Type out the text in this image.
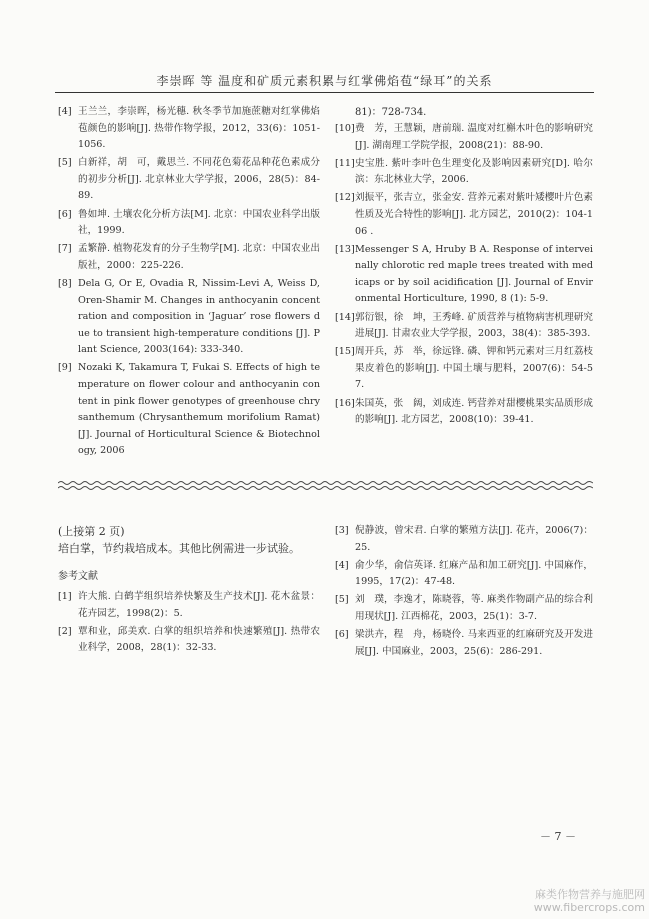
李崇晖 等 温度和矿质元素积累与红掌佛焰苞“绿耳”的关系
[4] 王兰兰，李崇晖，杨光穗. 秋冬季节加施蔗糖对红掌佛焰苞颜色的影响[J]. 热带作物学报，2012，33(6)：1051-1056.
[5] 白新祥，胡　可，戴思兰. 不同花色菊花品种花色素成分的初步分析[J]. 北京林业大学学报，2006，28(5)：84-89.
[6] 鲁如坤. 土壤农化分析方法[M]. 北京：中国农业科学出版社，1999.
[7] 孟繁静. 植物花发育的分子生物学[M]. 北京：中国农业出版社，2000：225-226.
[8] Dela G, Or E, Ovadia R, Nissim-Levi A, Weiss D, Oren-Shamir M. Changes in anthocyanin concentration and composition in ‘Jaguar’ rose flowers due to transient high-temperature conditions [J]. Plant Science, 2003(164): 333-340.
[9] Nozaki K, Takamura T, Fukai S. Effects of high temperature on flower colour and anthocyanin content in pink flower genotypes of greenhouse chrysanthemum (Chrysanthemum morifolium Ramat) [J]. Journal of Horticultural Science & Biotechnology, 2006
81)：728-734.
[10] 费　芳，王慧颖，唐前瑞. 温度对红槲木叶色的影响研究[J]. 湖南理工学院学报，2008(21)：88-90.
[11] 史宝胜. 紫叶李叶色生理变化及影响因素研究[D]. 哈尔滨：东北林业大学，2006.
[12] 刘振平，张吉立，张金安. 营养元素对紫叶矮樱叶片色素性质及光合特性的影响[J]. 北方园艺，2010(2)：104-106 .
[13] Messenger S A, Hruby B A. Response of interveinally chlorotic red maple trees treated with medicaps or by soil acidification [J]. Journal of Environmental Horticulture, 1990, 8 (1): 5-9.
[14] 郭衍银，徐　坤，王秀峰. 矿质营养与植物病害机理研究进展[J]. 甘肃农业大学学报，2003，38(4)：385-393.
[15] 周开兵，苏　举，徐远锋. 磷、钾和钙元素对三月红荔枝果皮着色的影响[J]. 中国土壤与肥料，2007(6)：54-57.
[16] 朱国英，张　阔，刘成连. 钙营养对甜樱桃果实品质形成的影响[J]. 北方园艺，2008(10)：39-41.
(上接第 2 页)
培白掌，节约栽培成本。其他比例需进一步试验。
参考文献
[1] 许大熊. 白鹤芋组织培养快繁及生产技术[J]. 花木盆景：花卉园艺，1998(2)：5.
[2] 覃和业，邱美欢. 白掌的组织培养和快速繁殖[J]. 热带农业科学，2008，28(1)：32-33.
[3] 倪静波，曾宋君. 白掌的繁殖方法[J]. 花卉，2006(7)：25.
[4] 俞少华，俞信英译. 红麻产品和加工研究[J]. 中国麻作，1995，17(2)：47-48.
[5] 刘　璞，李逸才，陈晓蓉，等. 麻类作物副产品的综合利用现状[J]. 江西棉花，2003，25(1)：3-7.
[6] 梁洪卉，程　舟，杨晓伶. 马来西亚的红麻研究及开发进展[J]. 中国麻业，2003，25(6)：286-291.
－ 7 －
麻类作物营养与施肥网
www.fibercrops.com
